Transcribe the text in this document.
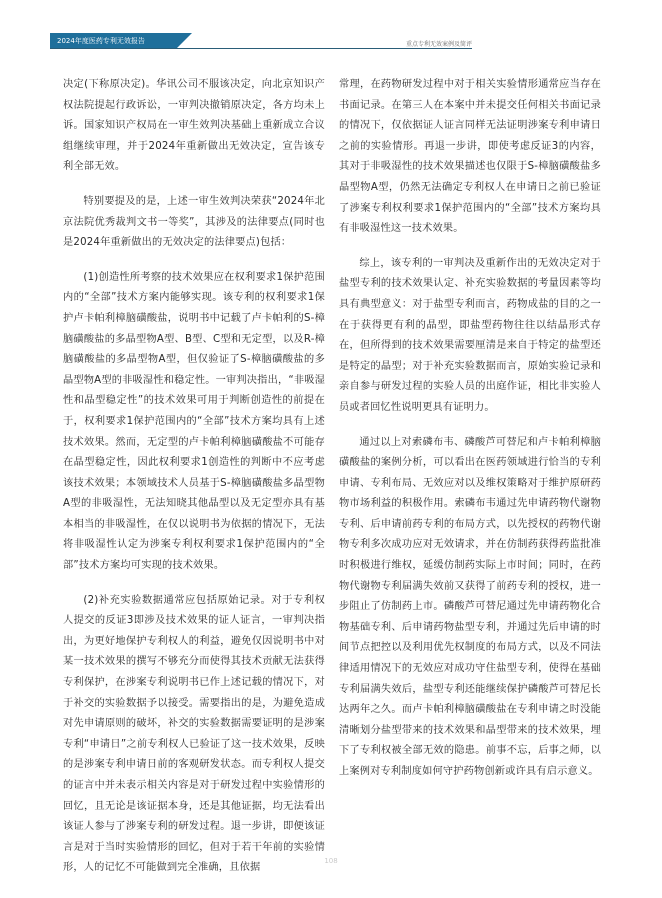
2024年度医药专利无效报告	重点专利无效案例及简评

决定(下称原决定)。华讯公司不服该决定，向北京知识产权法院提起行政诉讼，一审判决撤销原决定，各方均未上诉。国家知识产权局在一审生效判决基础上重新成立合议组继续审理，并于2024年重新做出无效决定，宣告该专利全部无效。

特别要提及的是，上述一审生效判决荣获“2024年北京法院优秀裁判文书一等奖”，其涉及的法律要点(同时也是2024年重新做出的无效决定的法律要点)包括：

(1)创造性所考察的技术效果应在权利要求1保护范围内的“全部”技术方案内能够实现。该专利的权利要求1保护卢卡帕利樟脑磺酸盐，说明书中记载了卢卡帕利的S-樟脑磺酸盐的多晶型物A型、B型、C型和无定型，以及R-樟脑磺酸盐的多晶型物A型，但仅验证了S-樟脑磺酸盐的多晶型物A型的非吸湿性和稳定性。一审判决指出，“非吸湿性和晶型稳定性”的技术效果可用于判断创造性的前提在于，权利要求1保护范围内的“全部”技术方案均具有上述技术效果。然而，无定型的卢卡帕利樟脑磺酸盐不可能存在晶型稳定性，因此权利要求1创造性的判断中不应考虑该技术效果；本领域技术人员基于S-樟脑磺酸盐多晶型物A型的非吸湿性，无法知晓其他晶型以及无定型亦具有基本相当的非吸湿性，在仅以说明书为依据的情况下，无法将非吸湿性认定为涉案专利权利要求1保护范围内的“全部”技术方案均可实现的技术效果。

(2)补充实验数据通常应包括原始记录。对于专利权人提交的反证3即涉及技术效果的证人证言，一审判决指出，为更好地保护专利权人的利益，避免仅因说明书中对某一技术效果的撰写不够充分而使得其技术贡献无法获得专利保护，在涉案专利说明书已作上述记载的情况下，对于补交的实验数据予以接受。需要指出的是，为避免造成对先申请原则的破坏，补交的实验数据需要证明的是涉案专利“申请日”之前专利权人已验证了这一技术效果，反映的是涉案专利申请日前的客观研发状态。而专利权人提交的证言中并未表示相关内容是对于研发过程中实验情形的回忆，且无论是该证据本身，还是其他证据，均无法看出该证人参与了涉案专利的研发过程。退一步讲，即便该证言是对于当时实验情形的回忆，但对于若干年前的实验情形，人的记忆不可能做到完全准确，且依据

常理，在药物研发过程中对于相关实验情形通常应当存在书面记录。在第三人在本案中并未提交任何相关书面记录的情况下，仅依据证人证言同样无法证明涉案专利申请日之前的实验情形。再退一步讲，即使考虑反证3的内容，其对于非吸湿性的技术效果描述也仅限于S-樟脑磺酸盐多晶型物A型，仍然无法确定专利权人在申请日之前已验证了涉案专利权利要求1保护范围内的“全部”技术方案均具有非吸湿性这一技术效果。

综上，该专利的一审判决及重新作出的无效决定对于盐型专利的技术效果认定、补充实验数据的考量因素等均具有典型意义：对于盐型专利而言，药物成盐的目的之一在于获得更有利的晶型，即盐型药物往往以结晶形式存在，但所得到的技术效果需要厘清是来自于特定的盐型还是特定的晶型；对于补充实验数据而言，原始实验记录和亲自参与研发过程的实验人员的出庭作证，相比非实验人员或者回忆性说明更具有证明力。

通过以上对索磷布韦、磷酸芦可替尼和卢卡帕利樟脑磺酸盐的案例分析，可以看出在医药领域进行恰当的专利申请、专利布局、无效应对以及维权策略对于维护原研药物市场利益的积极作用。索磷布韦通过先申请药物代谢物专利、后申请前药专利的布局方式，以先授权的药物代谢物专利多次成功应对无效请求，并在仿制药获得药监批准时积极进行维权，延缓仿制药实际上市时间；同时，在药物代谢物专利届满失效前又获得了前药专利的授权，进一步阻止了仿制药上市。磷酸芦可替尼通过先申请药物化合物基础专利、后申请药物盐型专利，并通过先后申请的时间节点把控以及利用优先权制度的布局方式，以及不同法律适用情况下的无效应对成功守住盐型专利，使得在基础专利届满失效后，盐型专利还能继续保护磷酸芦可替尼长达两年之久。而卢卡帕利樟脑磺酸盐在专利申请之时没能清晰划分盐型带来的技术效果和晶型带来的技术效果，埋下了专利权被全部无效的隐患。前事不忘，后事之师，以上案例对专利制度如何守护药物创新或许具有启示意义。

108
